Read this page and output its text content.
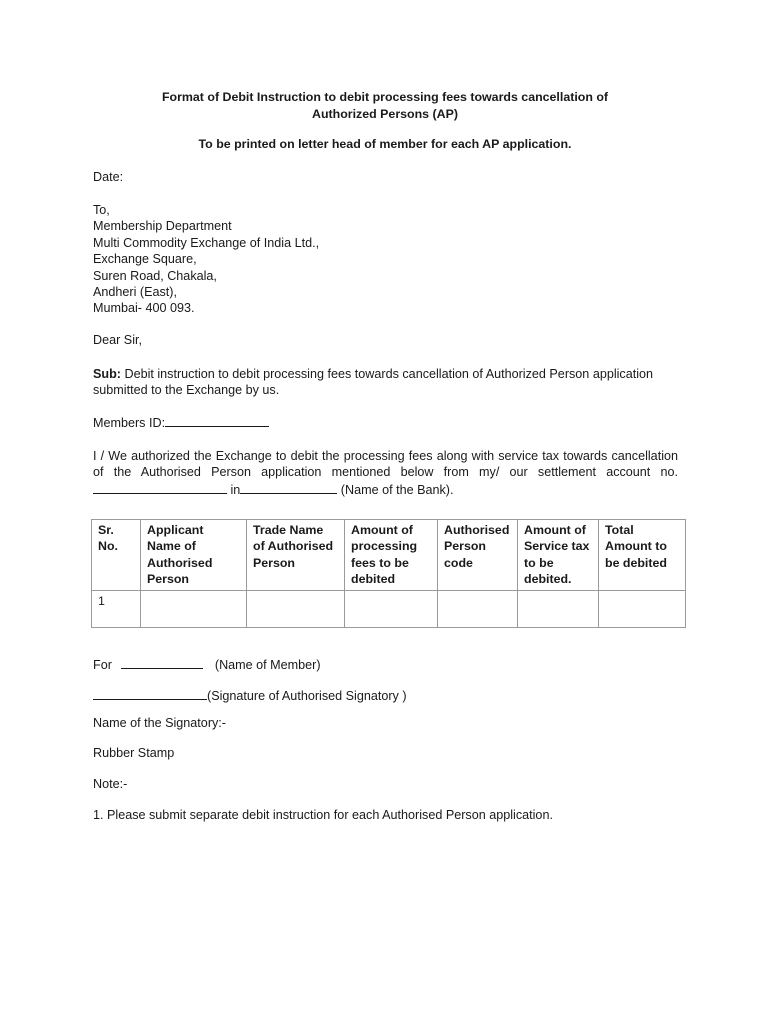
Format of Debit Instruction to debit processing fees towards cancellation of
Authorized Persons (AP)
To be printed on letter head of member for each AP application.
Date:
To,
Membership Department
Multi Commodity Exchange of India Ltd.,
Exchange Square,
Suren Road, Chakala,
Andheri (East),
Mumbai- 400 093.
Dear Sir,
Sub: Debit instruction to debit processing fees towards cancellation of Authorized Person application submitted to the Exchange by us.
Members ID:
I / We authorized the Exchange to debit the processing fees along with service tax towards cancellation of the Authorised Person application mentioned below from my/ our settlement account no.  in	(Name of the Bank).
Sr. No.	Applicant Name of Authorised Person	Trade Name of Authorised Person	Amount of processing fees to be debited	Authorised Person code	Amount of Service tax to be debited.	Total Amount to be debited
1						
For	(Name of Member)
(Signature of Authorised Signatory )
Name of the Signatory:-
Rubber Stamp
Note:-
1. Please submit separate debit instruction for each Authorised Person application.
